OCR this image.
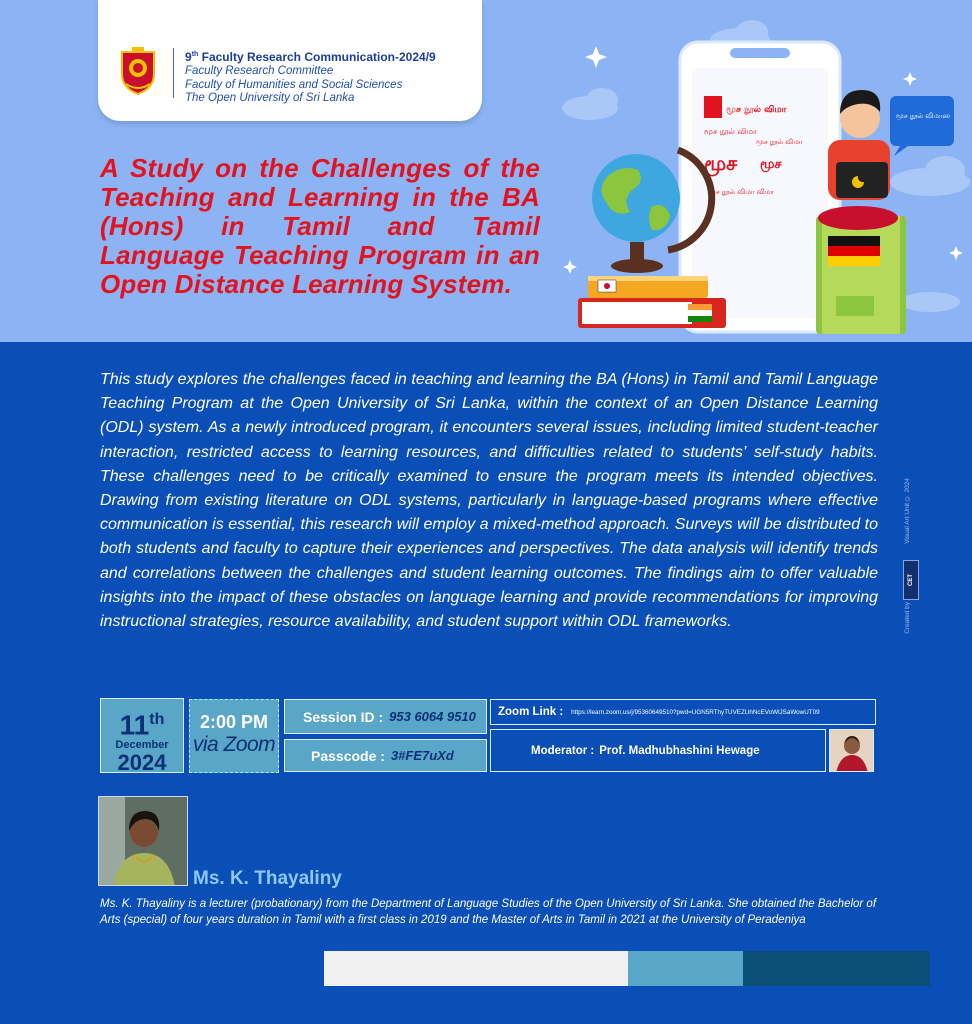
9th Faculty Research Communication-2024/9
Faculty Research Committee
Faculty of Humanities and Social Sciences
The Open University of Sri Lanka
A Study on the Challenges of the Teaching and Learning in the BA (Hons) in Tamil and Tamil Language Teaching Program in an Open Distance Learning System.
மூச நூல் விமா
மூச நூல் விமா
மூச நூல் விமா
மூச மூச
மூச நூல் விமா விமா
மூச நூல் விமாஸ
This study explores the challenges faced in teaching and learning the BA (Hons) in Tamil and Tamil Language Teaching Program at the Open University of Sri Lanka, within the context of an Open Distance Learning (ODL) system. As a newly introduced program, it encounters several issues, including limited student-teacher interaction, restricted access to learning resources, and difficulties related to students’ self-study habits. These challenges need to be critically examined to ensure the program meets its intended objectives. Drawing from existing literature on ODL systems, particularly in language-based programs where effective communication is essential, this research will employ a mixed-method approach. Surveys will be distributed to both students and faculty to capture their experiences and perspectives. The data analysis will identify trends and correlations between the challenges and student learning outcomes. The findings aim to offer valuable insights into the impact of these obstacles on language learning and provide recommendations for improving instructional strategies, resource availability, and student support within ODL frameworks.	Created by
CET
Visual Art Unit © 2024
11th
December
2024
2:00 PM
via Zoom
Session ID : 953 6064 9510
Passcode : 3#FE7uXd
Zoom Link : https://learn.zoom.us/j/95360649510?pwd=UGN5RThyTUVEZUhNcEVoWlJSaWowUT09
Moderator : Prof. Madhubhashini Hewage
Ms. K. Thayaliny
Ms. K. Thayaliny is a lecturer (probationary) from the Department of Language Studies of the Open University of Sri Lanka. She obtained the Bachelor of Arts (special) of four years duration in Tamil with a first class in 2019 and the Master of Arts in Tamil in 2021 at the University of Peradeniya
